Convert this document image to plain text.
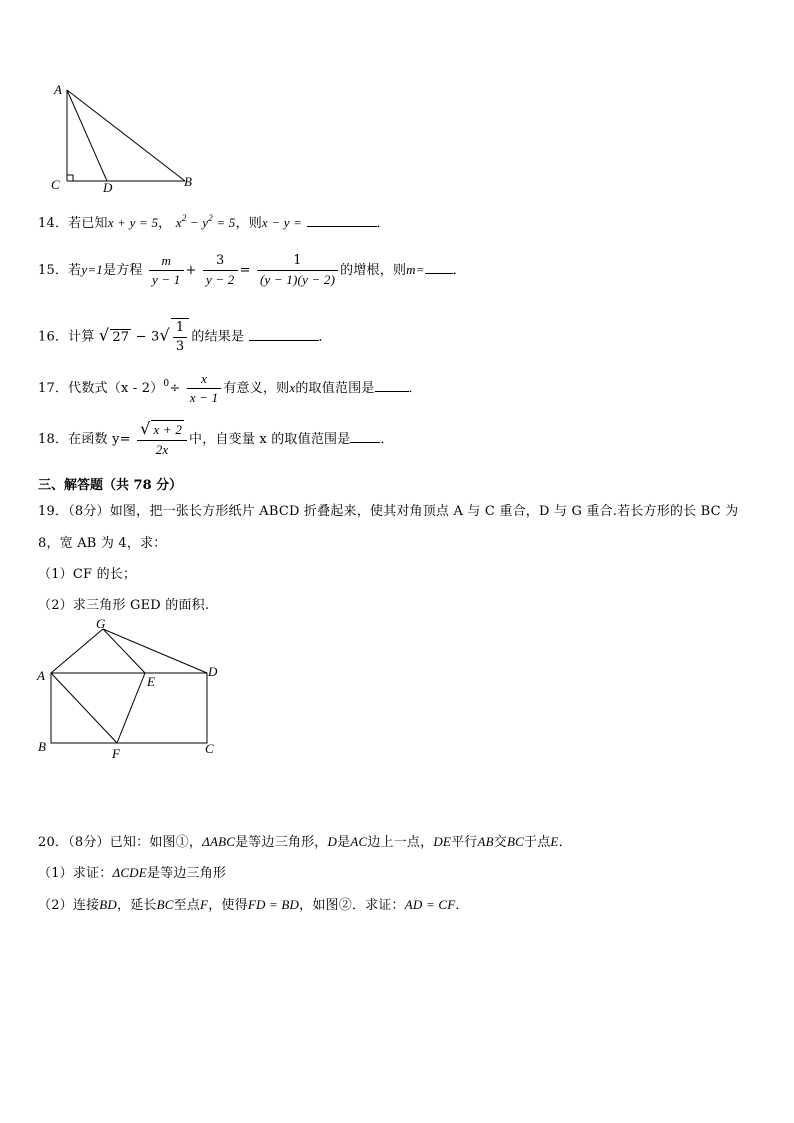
A
C	D	B
14．若已知x + y = 5， $x^2 - y^2 = 5$，则x − y =	．
15．若y=1是方程 $\frac{m}{y - 1} + \frac{3}{y - 2} = \frac{1}{(y - 1)(y - 2)}$ 的增根，则m= ．
16．计算 √ $27 - 3√ \frac{1}{3}$ 的结果是	．
17．代数式$(x - 2)^0\div \frac{x}{x - 1}$ 有意义，则x的取值范围是	．
18．在函数 $y= \frac{√ x + 2}{2x}$ 中，自变量 x 的取值范围是 ．
三、解答题（共 78 分）
19．（8分）如图，把一张长方形纸片 ABCD 折叠起来，使其对角顶点 A 与 C 重合，D 与 G 重合.若长方形的长 BC 为
8，宽 AB 为 4，求：
（1）CF 的长；
（2）求三角形 GED 的面积.
G
A	E
D
B	F	C
20．（8分）已知：如图①，ΔABC是等边三角形，D是AC边上一点，DE平行AB交BC于点E．
（1）求证：ΔCDE是等边三角形
（2）连接BD，延长BC至点F，使得FD = BD，如图②．求证：AD = CF．
